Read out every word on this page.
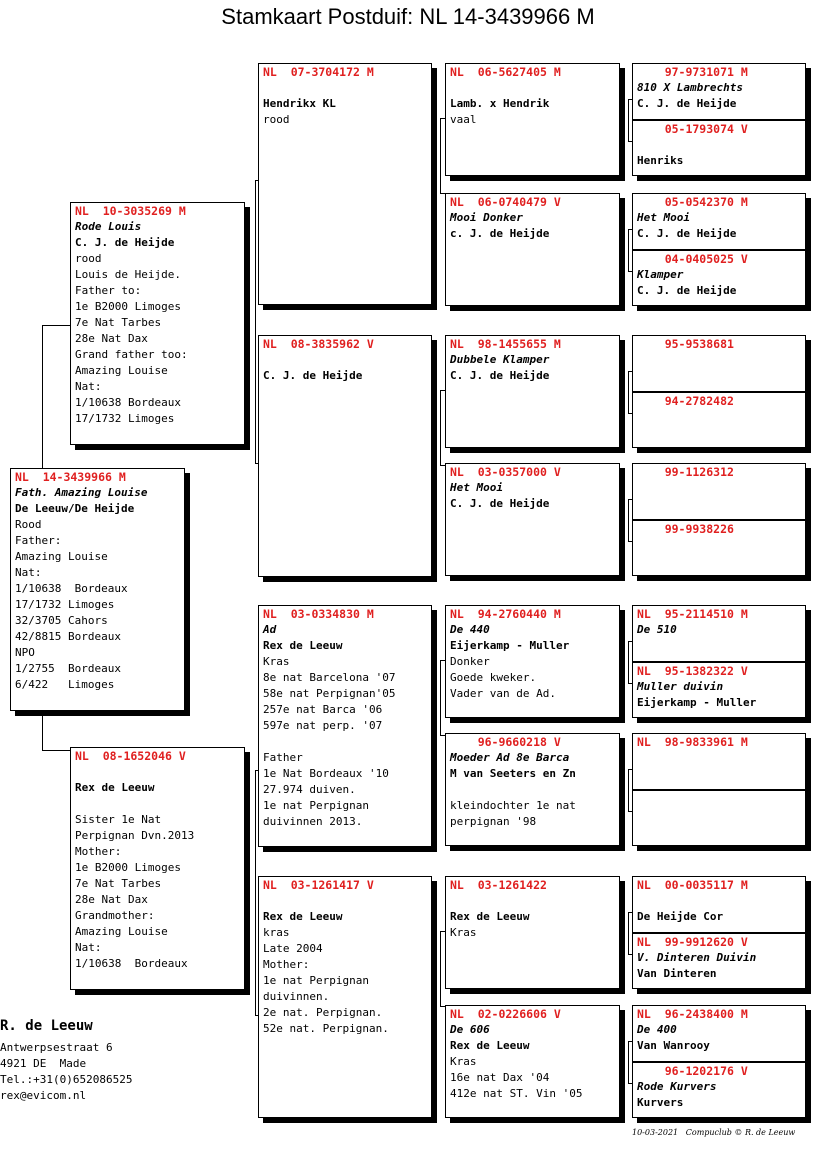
Stamkaart Postduif: NL 14-3439966 M
NL  14-3439966 M
Fath. Amazing Louise
De Leeuw/De Heijde
Rood
Father:
Amazing Louise
Nat:
1/10638  Bordeaux
17/1732 Limoges
32/3705 Cahors
42/8815 Bordeaux
NPO
1/2755  Bordeaux
6/422   Limoges
NL  10-3035269 M
Rode Louis
C. J. de Heijde
rood
Louis de Heijde.
Father to:
1e B2000 Limoges
7e Nat Tarbes
28e Nat Dax
Grand father too:
Amazing Louise
Nat:
1/10638 Bordeaux
17/1732 Limoges
NL  08-1652046 V

Rex de Leeuw

Sister 1e Nat
Perpignan Dvn.2013
Mother:
1e B2000 Limoges
7e Nat Tarbes
28e Nat Dax
Grandmother:
Amazing Louise
Nat:
1/10638  Bordeaux
NL  07-3704172 M

Hendrikx KL
rood
NL  08-3835962 V

C. J. de Heijde
NL  03-0334830 M
Ad
Rex de Leeuw
Kras
8e nat Barcelona '07
58e nat Perpignan'05
257e nat Barca '06
597e nat perp. '07

Father
1e Nat Bordeaux '10
27.974 duiven.
1e nat Perpignan
duivinnen 2013.
NL  03-1261417 V

Rex de Leeuw
kras
Late 2004
Mother:
1e nat Perpignan
duivinnen.
2e nat. Perpignan.
52e nat. Perpignan.
NL  06-5627405 M

Lamb. x Hendrik
vaal
NL  06-0740479 V
Mooi Donker
c. J. de Heijde
NL  98-1455655 M
Dubbele Klamper
C. J. de Heijde
NL  03-0357000 V
Het Mooi
C. J. de Heijde
NL  94-2760440 M
De 440
Eijerkamp - Muller
Donker
Goede kweker.
Vader van de Ad.
96-9660218 V
Moeder Ad 8e Barca
M van Seeters en Zn

kleindochter 1e nat
perpignan '98
NL  03-1261422

Rex de Leeuw
Kras
NL  02-0226606 V
De 606
Rex de Leeuw
Kras
16e nat Dax '04
412e nat ST. Vin '05
97-9731071 M
810 X Lambrechts
C. J. de Heijde
05-1793074 V

Henriks
05-0542370 M
Het Mooi
C. J. de Heijde
04-0405025 V
Klamper
C. J. de Heijde
95-9538681
94-2782482
99-1126312
99-9938226
NL  95-2114510 M
De 510
NL  95-1382322 V
Muller duivin
Eijerkamp - Muller
NL  98-9833961 M

NL  00-0035117 M

De Heijde Cor
NL  99-9912620 V
V. Dinteren Duivin
Van Dinteren
NL  96-2438400 M
De 400
Van Wanrooy
96-1202176 V
Rode Kurvers
Kurvers
R. de Leeuw
Antwerpsestraat 6
4921 DE  Made
Tel.:+31(0)652086525
rex@evicom.nl
10-03-2021   Compuclub © R. de Leeuw
